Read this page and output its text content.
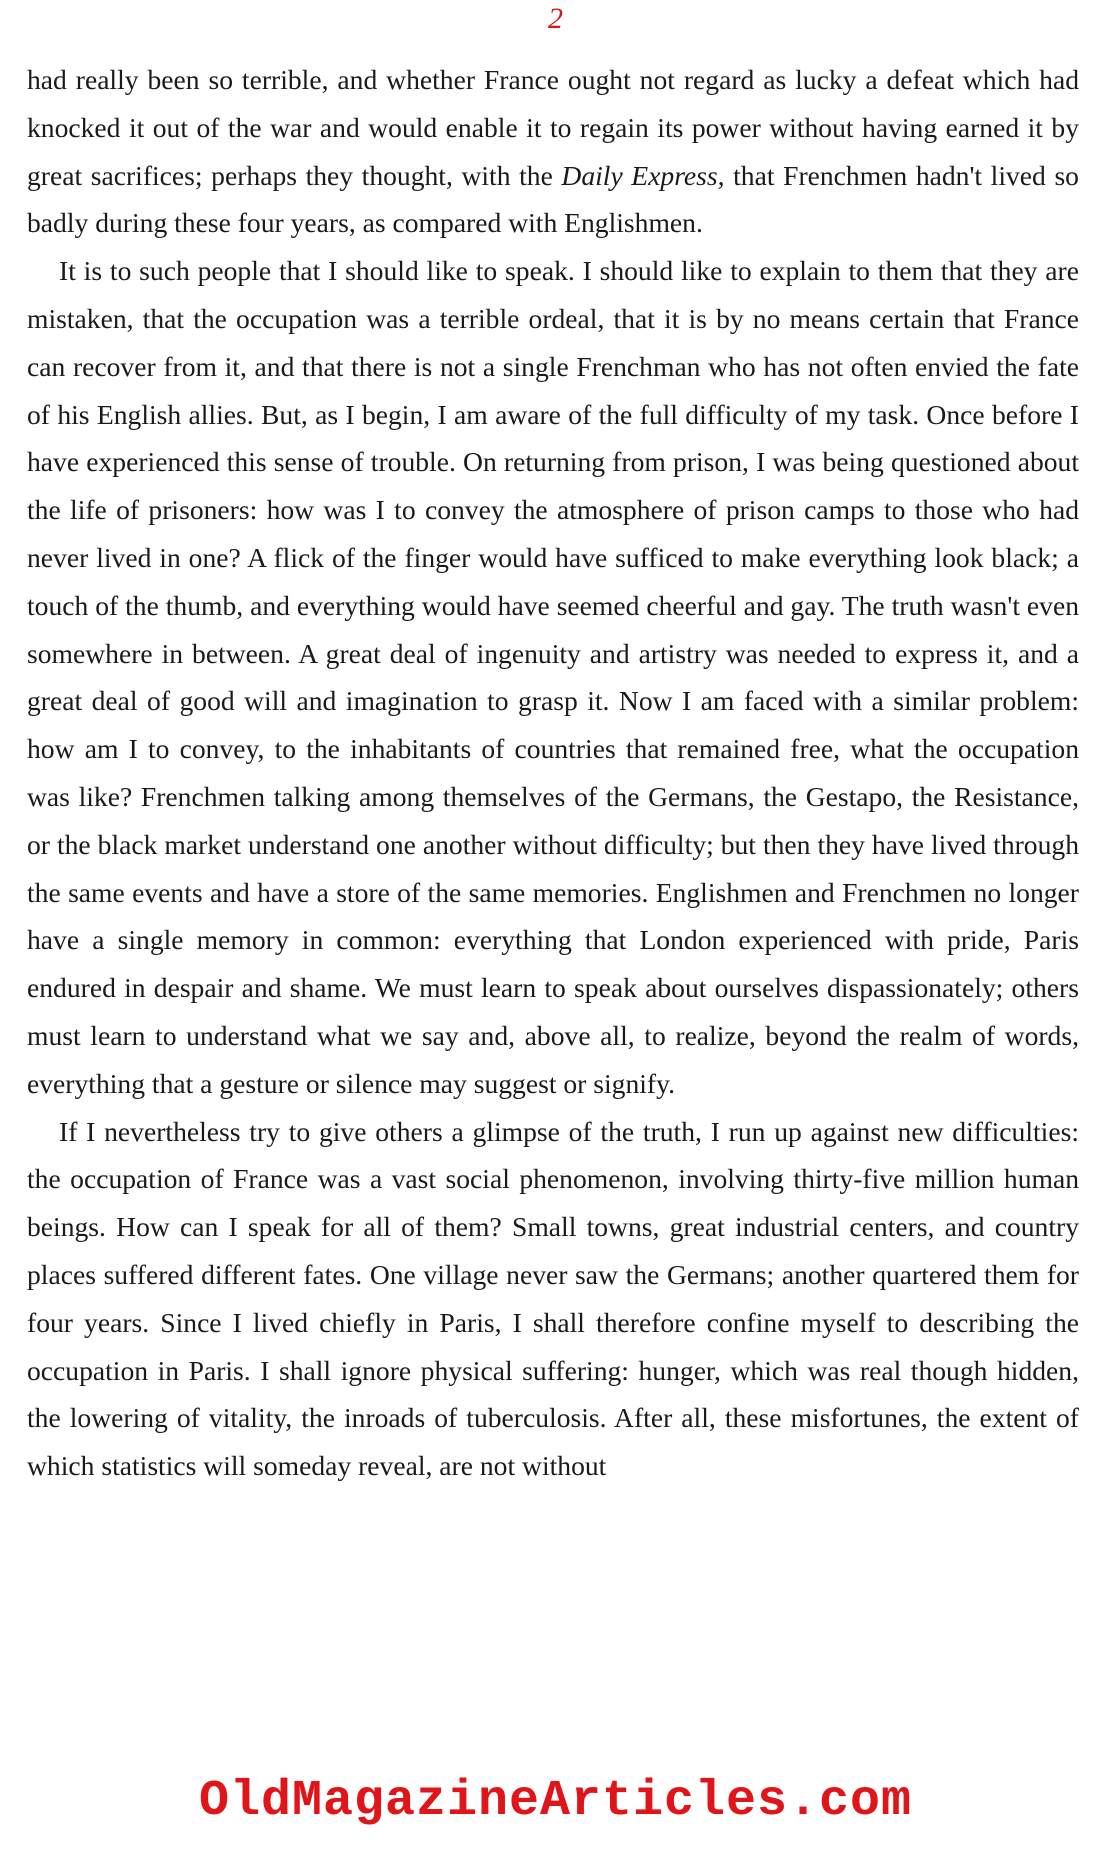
2

had really been so terrible, and whether France ought not regard as lucky a defeat which had knocked it out of the war and would enable it to regain its power without having earned it by great sacrifices; perhaps they thought, with the Daily Express, that Frenchmen hadn't lived so badly during these four years, as compared with Englishmen.

It is to such people that I should like to speak. I should like to explain to them that they are mistaken, that the occupation was a terrible ordeal, that it is by no means certain that France can recover from it, and that there is not a single Frenchman who has not often envied the fate of his English allies. But, as I begin, I am aware of the full difficulty of my task. Once before I have experienced this sense of trouble. On returning from prison, I was being questioned about the life of prisoners: how was I to convey the atmosphere of prison camps to those who had never lived in one? A flick of the finger would have sufficed to make everything look black; a touch of the thumb, and everything would have seemed cheerful and gay. The truth wasn't even somewhere in between. A great deal of ingenuity and artistry was needed to express it, and a great deal of good will and imagination to grasp it. Now I am faced with a similar problem: how am I to convey, to the inhabitants of countries that remained free, what the occupation was like? Frenchmen talking among themselves of the Germans, the Gestapo, the Resistance, or the black market understand one another without difficulty; but then they have lived through the same events and have a store of the same memories. Englishmen and Frenchmen no longer have a single memory in common: everything that London experienced with pride, Paris endured in despair and shame. We must learn to speak about ourselves dispassionately; others must learn to understand what we say and, above all, to realize, beyond the realm of words, everything that a gesture or silence may suggest or signify.

If I nevertheless try to give others a glimpse of the truth, I run up against new difficulties: the occupation of France was a vast social phenomenon, involving thirty-five million human beings. How can I speak for all of them? Small towns, great industrial centers, and country places suffered different fates. One village never saw the Germans; another quartered them for four years. Since I lived chiefly in Paris, I shall therefore confine myself to describing the occupation in Paris. I shall ignore physical suffering: hunger, which was real though hidden, the lowering of vitality, the inroads of tuberculosis. After all, these misfortunes, the extent of which statistics will someday reveal, are not without

OldMagazineArticles.com
